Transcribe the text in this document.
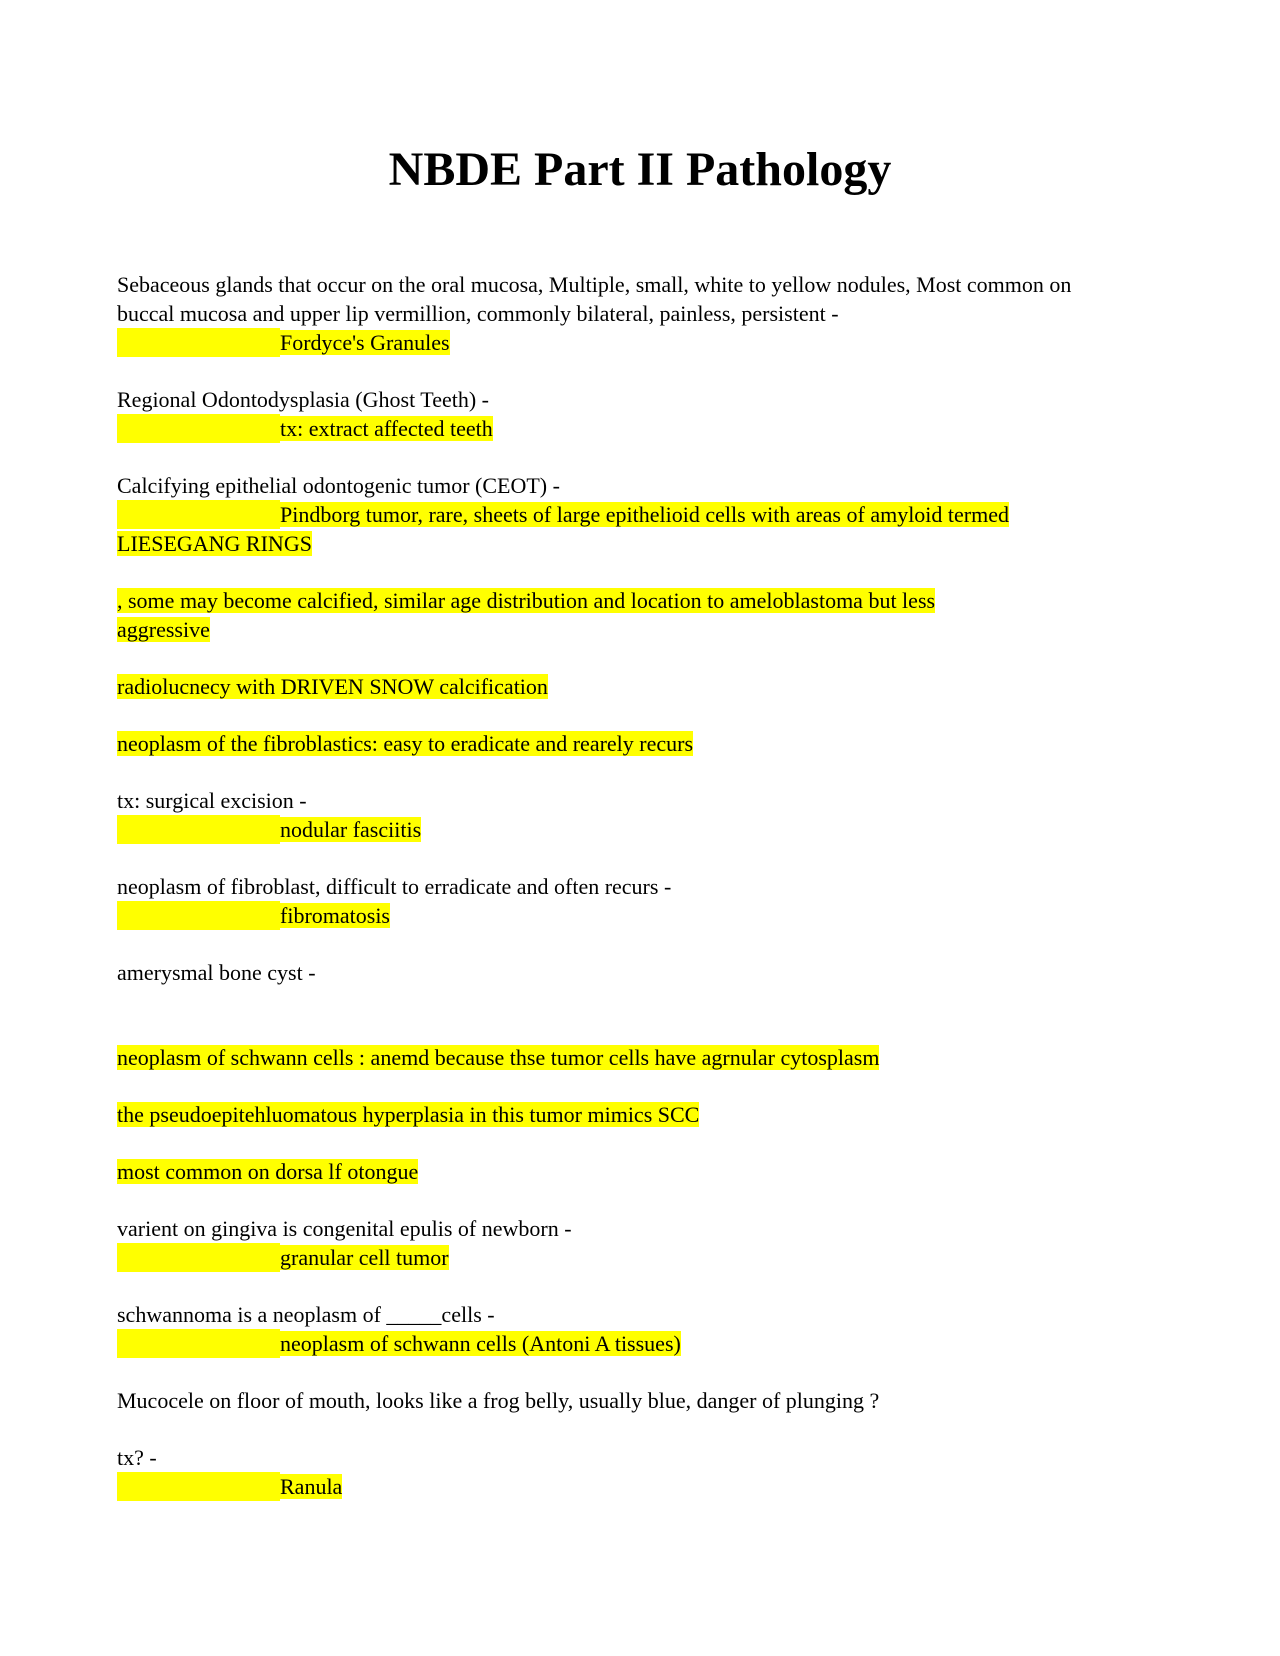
NBDE Part II Pathology

Sebaceous glands that occur on the oral mucosa, Multiple, small, white to yellow nodules, Most common on buccal mucosa and upper lip vermillion, commonly bilateral, painless, persistent -

Fordyce's Granules

Regional Odontodysplasia (Ghost Teeth) -

tx: extract affected teeth

Calcifying epithelial odontogenic tumor (CEOT) -

Pindborg tumor, rare, sheets of large epithelioid cells with areas of amyloid termed
LIESEGANG RINGS
, some may become calcified, similar age distribution and location to ameloblastoma but less
aggressive
radiolucnecy with DRIVEN SNOW calcification
neoplasm of the fibroblastics: easy to eradicate and rearely recurs

tx: surgical excision -

nodular fasciitis

neoplasm of fibroblast, difficult to erradicate and often recurs -

fibromatosis

amerysmal bone cyst -

neoplasm of schwann cells : anemd because thse tumor cells have agrnular cytosplasm
the pseudoepitehluomatous hyperplasia in this tumor mimics SCC
most common on dorsa lf otongue

varient on gingiva is congenital epulis of newborn -

granular cell tumor

schwannoma is a neoplasm of _____cells -

neoplasm of schwann cells (Antoni A tissues)

Mucocele on floor of mouth, looks like a frog belly, usually blue, danger of plunging ?

tx? -

Ranula
